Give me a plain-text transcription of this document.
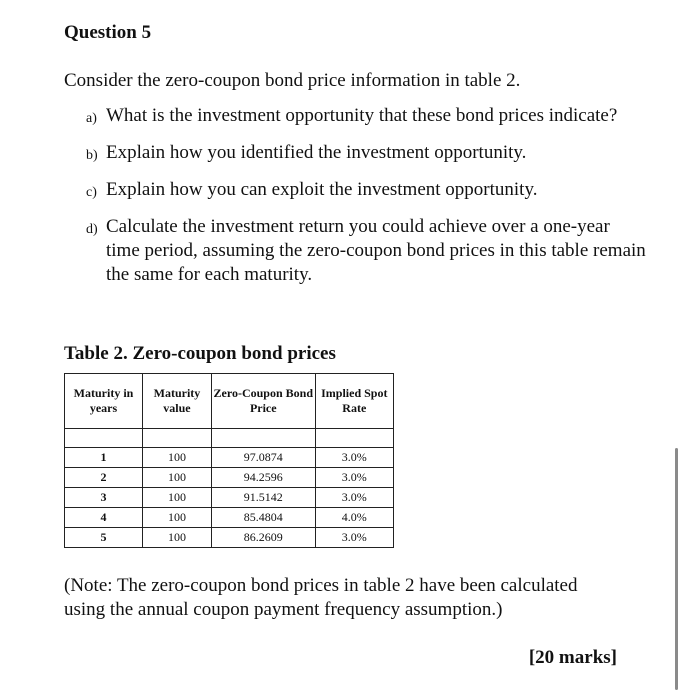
Question 5
Consider the zero-coupon bond price information in table 2.
a) What is the investment opportunity that these bond prices indicate?
b) Explain how you identified the investment opportunity.
c) Explain how you can exploit the investment opportunity.
d) Calculate the investment return you could achieve over a one-year time period, assuming the zero-coupon bond prices in this table remain the same for each maturity.
Table 2. Zero-coupon bond prices
Maturity in years	Maturity value	Zero-Coupon Bond Price	Implied Spot Rate

1	100	97.0874	3.0%
2	100	94.2596	3.0%
3	100	91.5142	3.0%
4	100	85.4804	4.0%
5	100	86.2609	3.0%
(Note: The zero-coupon bond prices in table 2 have been calculated using the annual coupon payment frequency assumption.)
[20 marks]
